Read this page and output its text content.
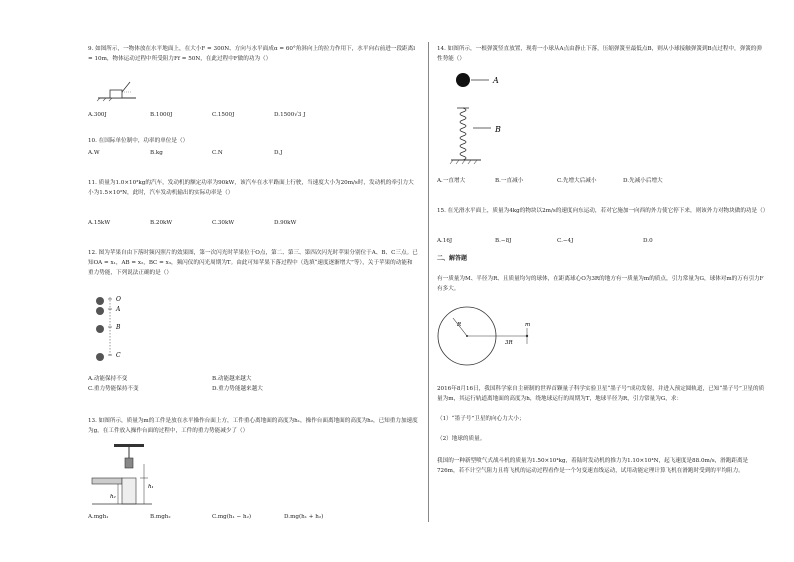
9. 如图所示，一物体放在水平地面上，在大小F = 300N、方向与水平面成α = 60°角斜向上的拉力作用下，水平向右前进一段距离l = 10m，物体运动过程中所受阻力Ff = 50N，在此过程中F做的功为（）

A.300J	B.1000J	C.1500J	D.1500√3 J

10. 在国际单位制中，功率的单位是（）

A.W	B.kg	C.N	D.J

11. 质量为1.0×10³kg的汽车，发动机的额定功率为90kW，该汽车在水平路面上行驶，当速度大小为20m/s时，发动机的牵引力大小为1.5×10³N，此时，汽车发动机输出的实际功率是（）

A.15kW	B.20kW	C.30kW	D.90kW

12. 图为苹果自由下落时频闪照片的效果图，第一次闪光时苹果位于O点，第二、第三、第四次闪光时苹果分别位于A、B、C三点。已知OA = x₁，AB = x₂，BC = x₃，频闪仪的闪光周期为T。由此可知苹果下落过程中（选填“速度逐渐增大”等），关于苹果的动能和重力势能，下列说法正确的是（）

O
A
B
C
A.动能保持不变	B.动能越来越大
C.重力势能保持不变	D.重力势能越来越大

13. 如图所示，质量为m的工件是放在水平操作台面上方，工件重心离地面的高度为h₁，操作台面离地面的高度为h₂，已知重力加速度为g，在工件放入操作台面的过程中，工件的重力势能减少了（）

h₁
h₂
A.mgh₁	B.mgh₂	C.mg(h₁ − h₂)	D.mg(h₁ + h₂)

14. 如图所示，一根弹簧竖直放置，现将一小球从A点由静止下落，压缩弹簧至最低点B，则从小球接触弹簧到B点过程中，弹簧的弹性势能（）

A
B
A.一直增大	B.一直减小	C.先增大后减小	D.先减小后增大

15. 在光滑水平面上，质量为4kg的物块以2m/s的速度向东运动，若对它施加一向西的外力使它停下来，则该外力对物块做的功是（）

A.16J	B.−8J	C.−4J	D.0
二、解答题

有一质量为M、半径为R、且质量均匀的球体，在距离球心O为3R的地方有一质量为m的质点，引力常量为G，球体对m的万有引力F有多大。

R	m
3R

2016年8月16日，我国科学家自主研制的世界首颗量子科学实验卫星“墨子号”成功发射，并进入预定圆轨道，已知“墨子号”卫星的质量为m，其运行轨道离地面的高度为h，绕地球运行的周期为T，地球半径为R，引力常量为G，求：

（1）“墨子号”卫星的向心力大小；
（2）地球的质量。

我国的一种新型喷气式战斗机的质量为1.50×10⁴kg，着陆时发动机的推力为1.10×10⁴N，起飞速度是88.0m/s，滑跑距离是726m，若不计空气阻力且将飞机的运动过程看作是一个匀变速直线运动，试用动能定理计算飞机在滑跑时受到的平均阻力。
